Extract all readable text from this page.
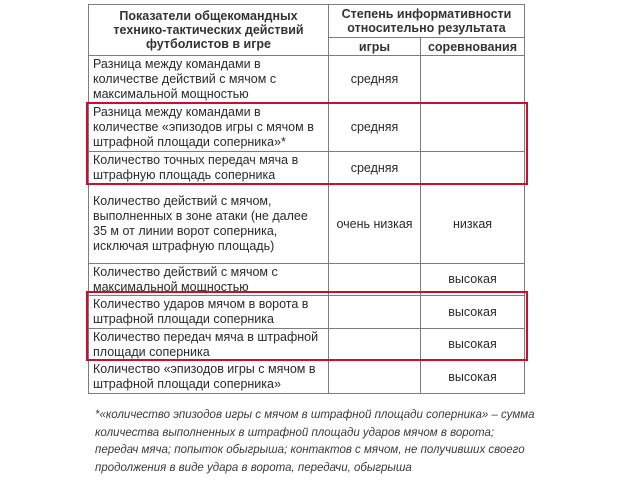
Показатели общекомандных технико-тактических действий футболистов в игре	Степень информативности относительно результата	
	игры	соревнования
Разница между командами в количестве действий с мячом с максимальной мощностью	средняя	
Разница между командами в количестве «эпизодов игры с мячом в штрафной площади соперника»*	средняя	
Количество точных передач мяча в штрафную площадь соперника	средняя	
Количество действий с мячом, выполненных в зоне атаки (не далее 35 м от линии ворот соперника, исключая штрафную площадь)	очень низкая	низкая
Количество действий с мячом с максимальной мощностью		высокая
Количество ударов мячом в ворота в штрафной площади соперника		высокая
Количество передач мяча в штрафной площади соперника		высокая
Количество «эпизодов игры с мячом в штрафной площади соперника»		высокая

*«количество эпизодов игры с мячом в штрафной площади соперника» – сумма количества выполненных в штрафной площади ударов мячом в ворота; передач мяча; попыток обыгрыша; контактов с мячом, не получивших своего продолжения в виде удара в ворота, передачи, обыгрыша
